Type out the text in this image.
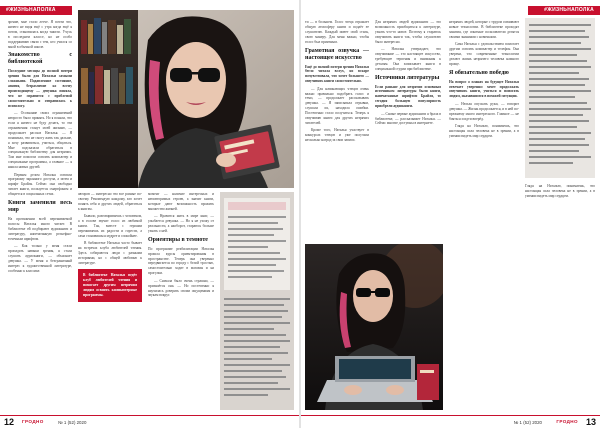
#ЖИЗНЬНАПОЛКА

зрение, мне стало легче. Я почти что, ничего не видя ещё с утра когда ещё я потом, становилась когда тяжело. Учусь в последнем классе, но не особо поддерживаю связи с тем, кто учился со мной в обычной школе.

Знакомство с библиотекой

Последние месяцы до полной потери зрения были для Натальи самыми сложными. Подавленное состояние, апатия, безразличие ко всему происходящему — девушка поняла, что не справится с проблемой самостоятельно и отправилась к психологу.

— Осознание своих ограничений непросто было принять. Но я поняла, что если я ничего не буду делать, то эти ограничения станут моей жизнью, — продолжает рассказ Наталья. — Я понимала, что не смогу жить так дальше, я хочу развиваться, учиться, общаться. Мне подсказали обратиться в специальную библиотеку для незрячих. Там мне помогли освоить компьютер и специальные программы, а главное — я нашла новых друзей.

Первым делом Наталья освоила программу экранного доступа, а затем и шрифт Брайля. Сейчас она свободно читает книги, пользуется смартфоном и общается в социальных сетях.

Книги заменили весь мир

На протяжении всей переживаемой полосы Наталья много читает. В библиотеке ей подбирают аудиокниги и литературу, напечатанную рельефно-точечным шрифтом.

— Как только у меня стали пропадать навыки зрения, я стала слушать аудиокниги, — объясняет девушка. — У меня я безграничный интерес к художественной литературе, особенно к классике.

авторов — интересно что все разные по-своему. Рекомендую каждому, кто хочет понять себя и других людей, обратиться к книгам.

Бывало, разговариваешь с человеком, а в голове звучит голос из любимой книги. Так, вместе с героями переживаешь их радости и горести, а сама становишься мудрее и спокойнее.

В библиотеке Наталья часто бывает на встречах клуба любителей чтения. Здесь собираются люди с разными историями, но с общей любовью к литературе.

В библиотеке Наталья ведёт клуб любителей чтения и помогает другим незрячим людям освоить компьютерные программы.

момент — наличие интересных и неповторимых героев, а значит книги, которые дают возможность прожить множество жизней.

— Нравится жить в мире книг, — улыбается девушка. — Но я не ухожу от реальности, а наоборот, стараюсь больше узнать о ней.

Ориентиры в темноте

По программе реабилитации Наталья прошла курсы ориентирования в пространстве. Теперь она уверенно передвигается по городу с белой тростью, самостоятельно ходит в магазин и на прогулки.

— Сначала было очень страшно, — признаётся она. — Но постепенно я научилась доверять своим ощущениям и звукам вокруг.

12 ГРОДНО	№ 1 (52) 2020
#ЖИЗНЬНАПОЛКА

ти — в большем. Голос чтеца отражает общую атмосферу книги и подаёт ее слушателю. Каждый имеет свой стиль, свою манеру. Для меня важно, чтобы голос был приятным.

Грамотная озвучка — настоящее искусство

Ещё до полной потери зрения Наталья бегло читала вслух, но вскоре почувствовала, что хочет большего — озвучивать книги самостоятельно.

— Для начинающих чтецов очень важно правильно подобрать голос и темп, — продолжает рассказывать девушка. — Я записывала отрывки, слушала их, находила ошибки. Постепенно стало получаться. Теперь я озвучиваю книги для других незрячих читателей.

Кроме того, Наталья участвует в конкурсах чтецов и уже получила несколько наград за свои записи.

Для незрячих людей аудиокниги — это возможность приобщиться к литературе, узнать что-то новое. Поэтому я стараюсь озвучивать книги так, чтобы слушателю было интересно.

— Наталья утверждает, что озвучивание — это настоящее искусство, требующее терпения и внимания к деталям. Она записывает книги в специальной студии при библиотеке.

Источники литературы

Если раньше для незрячих основным источником литературы были книги, напечатанные шрифтом Брайля, то сегодня большую популярность приобрели аудиокниги.

— Самые первые аудиокниги я брала в библиотеке, — рассказывает Наталья. — Сейчас многие доступны в интернете.

незрячих людей, которые с трудом осваивают новые технологии. В библиотеке проходят занятия, где опытные пользователи делятся своими знаниями с новичками.

Сама Наталья с удовольствием помогает другим освоить компьютер и телефон. Она уверена, что современные технологии делают жизнь незрячего человека намного проще.

Я обязательно победю

На вопрос о планах на будущее Наталья отвечает уверенно: хочет продолжать озвучивать книги, учиться и помогать людям, оказавшимся в похожей ситуации.

— Нельзя опускать руки, — говорит девушка. — Жизнь продолжается, и в ней по-прежнему много интересного. Главное — не бояться и идти вперёд.

Глядя на Наталью, понимаешь, что настоящая сила человека не в зрении, а в умении видеть мир сердцем.

Глядя на Наталью, понимаешь, что настоящая сила человека не в зрении, а в умении видеть мир сердцем.

№ 1 (52) 2020	ГРОДНО 13
